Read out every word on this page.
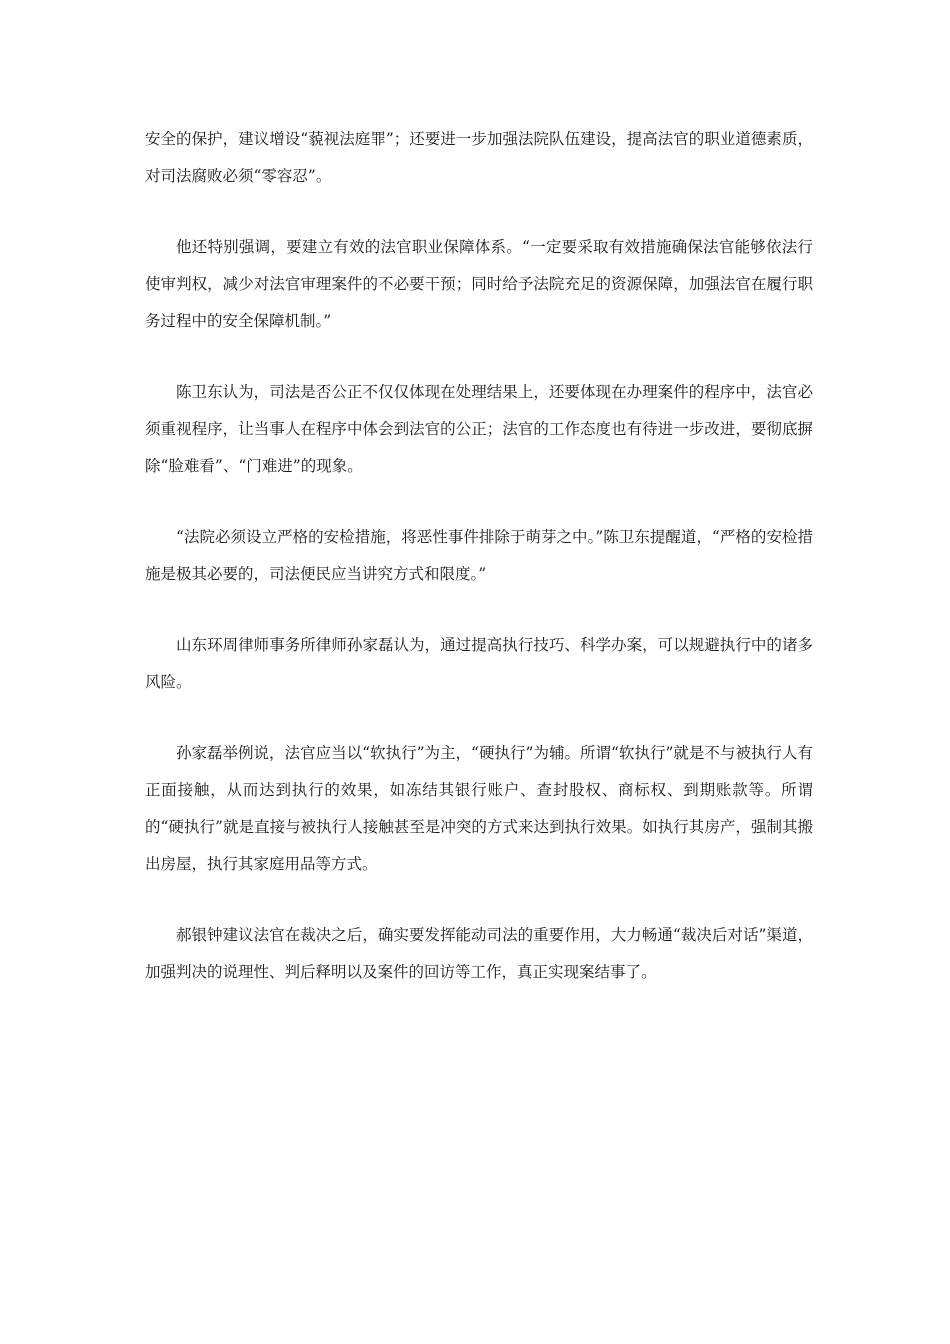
安全的保护，建议增设“藐视法庭罪”；还要进一步加强法院队伍建设，提高法官的职业道德素质，对司法腐败必须“零容忍”。

他还特别强调，要建立有效的法官职业保障体系。“一定要采取有效措施确保法官能够依法行使审判权，减少对法官审理案件的不必要干预；同时给予法院充足的资源保障，加强法官在履行职务过程中的安全保障机制。”

陈卫东认为，司法是否公正不仅仅体现在处理结果上，还要体现在办理案件的程序中，法官必须重视程序，让当事人在程序中体会到法官的公正；法官的工作态度也有待进一步改进，要彻底摒除“脸难看”、“门难进”的现象。

“法院必须设立严格的安检措施，将恶性事件排除于萌芽之中。”陈卫东提醒道，“严格的安检措施是极其必要的，司法便民应当讲究方式和限度。”

山东环周律师事务所律师孙家磊认为，通过提高执行技巧、科学办案，可以规避执行中的诸多风险。

孙家磊举例说，法官应当以“软执行”为主，“硬执行”为辅。所谓“软执行”就是不与被执行人有正面接触，从而达到执行的效果，如冻结其银行账户、查封股权、商标权、到期账款等。所谓的“硬执行”就是直接与被执行人接触甚至是冲突的方式来达到执行效果。如执行其房产，强制其搬出房屋，执行其家庭用品等方式。

郝银钟建议法官在裁决之后，确实要发挥能动司法的重要作用，大力畅通“裁决后对话”渠道，加强判决的说理性、判后释明以及案件的回访等工作，真正实现案结事了。
